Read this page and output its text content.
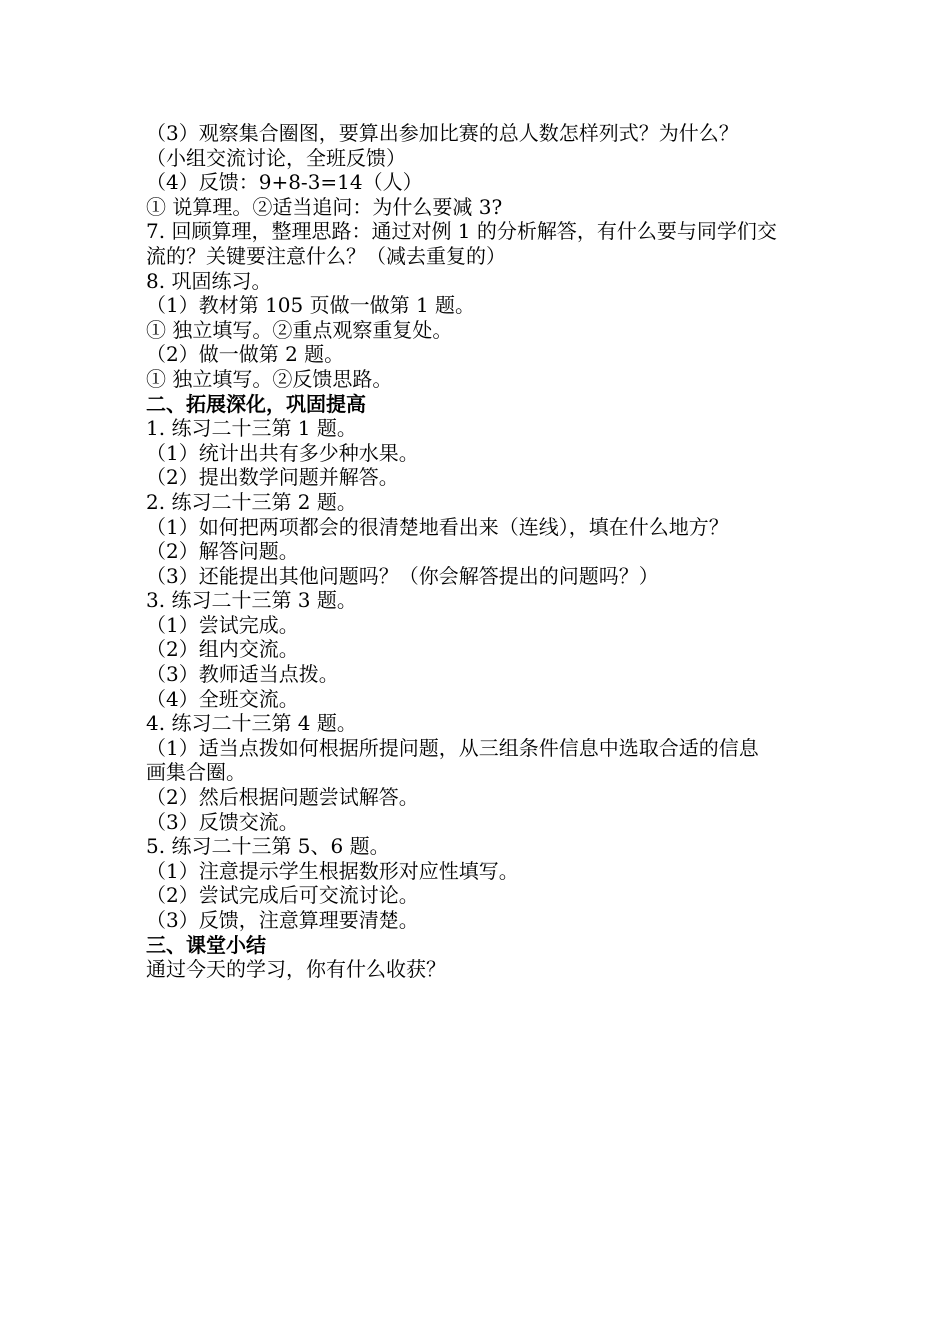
（3）观察集合圈图，要算出参加比赛的总人数怎样列式？为什么？
（小组交流讨论，全班反馈）
（4）反馈：9+8-3=14（人）
① 说算理。②适当追问：为什么要减 3?
7. 回顾算理，整理思路：通过对例 1 的分析解答，有什么要与同学们交
流的？关键要注意什么？（减去重复的）
8. 巩固练习。
（1）教材第 105 页做一做第 1 题。
① 独立填写。②重点观察重复处。
（2）做一做第 2 题。
① 独立填写。②反馈思路。
二、拓展深化，巩固提高
1. 练习二十三第 1 题。
（1）统计出共有多少种水果。
（2）提出数学问题并解答。
2. 练习二十三第 2 题。
（1）如何把两项都会的很清楚地看出来（连线），填在什么地方？
（2）解答问题。
（3）还能提出其他问题吗？（你会解答提出的问题吗？）
3. 练习二十三第 3 题。
（1）尝试完成。
（2）组内交流。
（3）教师适当点拨。
（4）全班交流。
4. 练习二十三第 4 题。
（1）适当点拨如何根据所提问题，从三组条件信息中选取合适的信息
画集合圈。
（2）然后根据问题尝试解答。
（3）反馈交流。
5. 练习二十三第 5、6 题。
（1）注意提示学生根据数形对应性填写。
（2）尝试完成后可交流讨论。
（3）反馈，注意算理要清楚。
三、课堂小结
通过今天的学习，你有什么收获？
